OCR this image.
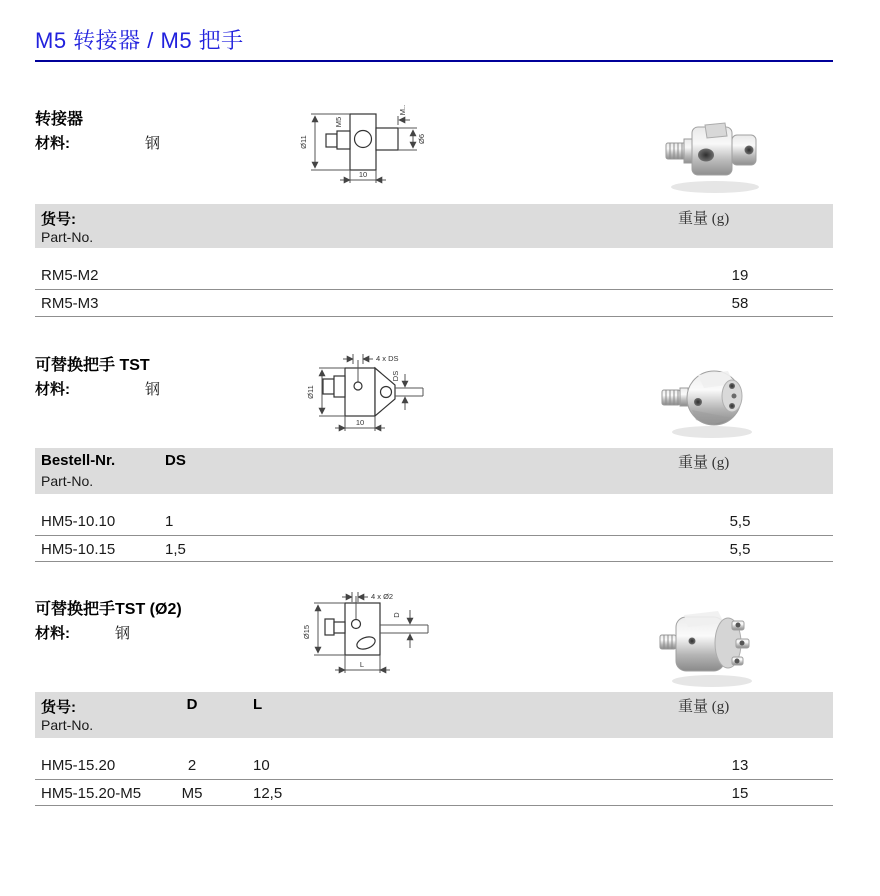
M5 转接器 / M5 把手
转接器
材料:	钢	Ø11
M5
M..
Ø6
10
货号:
Part-No.
重量 (g)
RM5-M2	19
RM5-M3	58
可替换把手 TST
材料:	钢
4 x DS
Ø11
DS
10
Bestell-Nr.	DS
Part-No.
重量 (g)
HM5-10.10	1	5,5
HM5-10.15	1,5	5,5
可替换把手TST (Ø2)
材料:	钢
4 x Ø2
Ø15
D
L
货号:	D	L
Part-No.
重量 (g)
HM5-15.20	2	10	13
HM5-15.20-M5	M5	12,5	15
